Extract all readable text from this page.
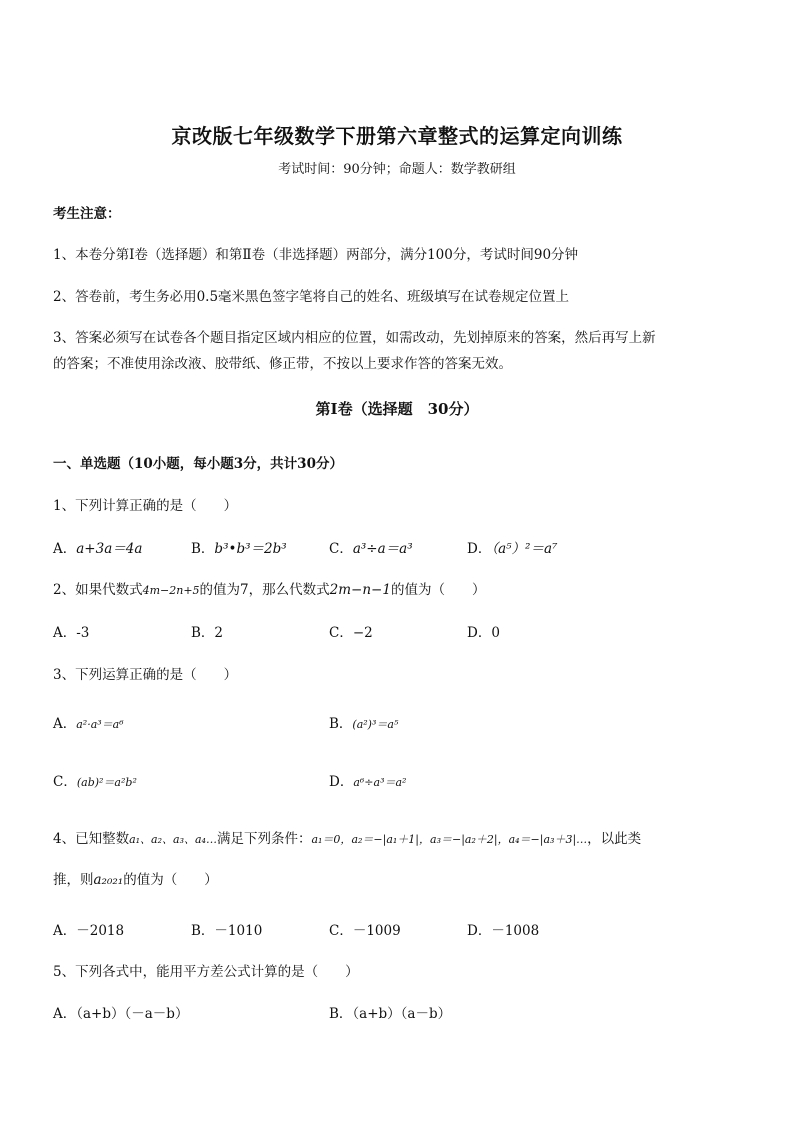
京改版七年级数学下册第六章整式的运算定向训练
考试时间：90分钟；命题人：数学教研组
考生注意：
1、本卷分第Ⅰ卷（选择题）和第Ⅱ卷（非选择题）两部分，满分100分，考试时间90分钟
2、答卷前，考生务必用0.5毫米黑色签字笔将自己的姓名、班级填写在试卷规定位置上
3、答案必须写在试卷各个题目指定区域内相应的位置，如需改动，先划掉原来的答案，然后再写上新
的答案；不准使用涂改液、胶带纸、修正带，不按以上要求作答的答案无效。
第Ⅰ卷（选择题　30分）
一、单选题（10小题，每小题3分，共计30分）
1、下列计算正确的是（　　）
A．a+3a＝4a	B．b³•b³＝2b³	C．a³÷a＝a³	D．（a⁵）²＝a⁷
2、如果代数式4m−2n+5的值为7，那么代数式2m−n−1的值为（　　）
A．-3	B．2	C．−2	D．0
3、下列运算正确的是（　　）
A．a²·a³＝a⁶	B．(a²)³＝a⁵
C．(ab)²＝a²b²	D．a⁶÷a³＝a²
4、已知整数a₁、a₂、a₃、a₄…满足下列条件：a₁＝0，a₂＝−|a₁＋1|，a₃＝−|a₂＋2|，a₄＝−|a₃＋3|…，以此类
推，则a₂₀₂₁的值为（　　）
A．－2018	B．－1010	C．－1009	D．－1008
5、下列各式中，能用平方差公式计算的是（　　）
A．（a+b）（－a－b）	B．（a+b）（a－b）
